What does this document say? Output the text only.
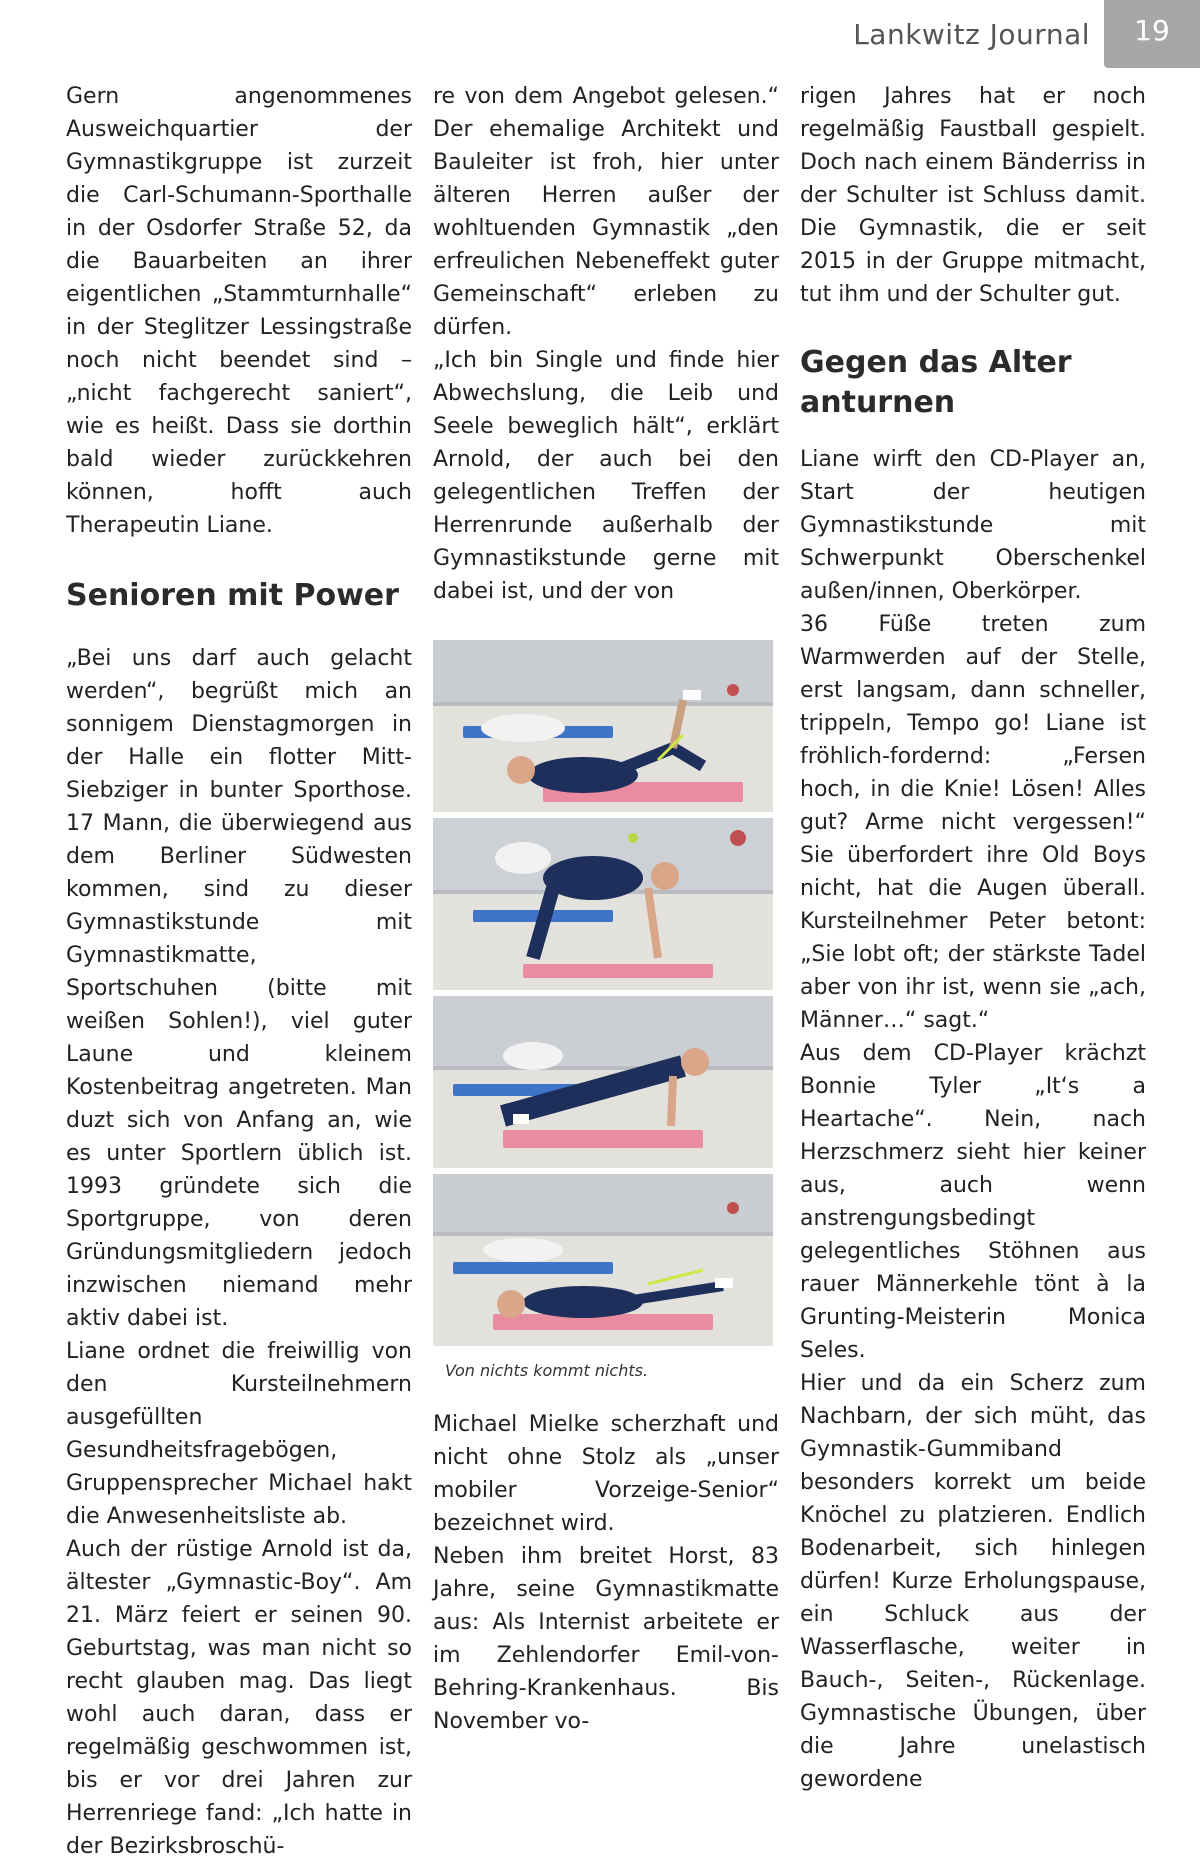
Lankwitz Journal	19

Gern angenommenes Ausweichquartier der Gymnastikgruppe ist zurzeit die Carl-Schumann-Sporthalle in der Osdorfer Straße 52, da die Bauarbeiten an ihrer eigentlichen „Stammturnhalle“ in der Steglitzer Lessingstraße noch nicht beendet sind – „nicht fachgerecht saniert“, wie es heißt. Dass sie dorthin bald wieder zurückkehren können, hofft auch Therapeutin Liane.

Senioren mit Power

„Bei uns darf auch gelacht werden“, begrüßt mich an sonnigem Dienstagmorgen in der Halle ein flotter Mitt-Siebziger in bunter Sporthose. 17 Mann, die überwiegend aus dem Berliner Südwesten kommen, sind zu dieser Gymnastikstunde mit Gymnastikmatte, Sportschuhen (bitte mit weißen Sohlen!), viel guter Laune und kleinem Kostenbeitrag angetreten. Man duzt sich von Anfang an, wie es unter Sportlern üblich ist. 1993 gründete sich die Sportgruppe, von deren Gründungsmitgliedern jedoch inzwischen niemand mehr aktiv dabei ist.

Liane ordnet die freiwillig von den Kursteilnehmern ausgefüllten Gesundheitsfragebögen, Gruppensprecher Michael hakt die Anwesenheitsliste ab.

Auch der rüstige Arnold ist da, ältester „Gymnastic-Boy“. Am 21. März feiert er seinen 90. Geburtstag, was man nicht so recht glauben mag. Das liegt wohl auch daran, dass er regelmäßig geschwommen ist, bis er vor drei Jahren zur Herrenriege fand: „Ich hatte in der Bezirksbroschü-

re von dem Angebot gelesen.“ Der ehemalige Architekt und Bauleiter ist froh, hier unter älteren Herren außer der wohltuenden Gymnastik „den erfreulichen Nebeneffekt guter Gemeinschaft“ erleben zu dürfen.

„Ich bin Single und finde hier Abwechslung, die Leib und Seele beweglich hält“, erklärt Arnold, der auch bei den gelegentlichen Treffen der Herrenrunde außerhalb der Gymnastikstunde gerne mit dabei ist, und der von

Von nichts kommt nichts.

Michael Mielke scherzhaft und nicht ohne Stolz als „unser mobiler Vorzeige-Senior“ bezeichnet wird.

Neben ihm breitet Horst, 83 Jahre, seine Gymnastikmatte aus: Als Internist arbeitete er im Zehlendorfer Emil-von-Behring-Krankenhaus. Bis November vo-

rigen Jahres hat er noch regelmäßig Faustball gespielt. Doch nach einem Bänderriss in der Schulter ist Schluss damit. Die Gymnastik, die er seit 2015 in der Gruppe mitmacht, tut ihm und der Schulter gut.

Gegen das Alter anturnen

Liane wirft den CD-Player an, Start der heutigen Gymnastikstunde mit Schwerpunkt Oberschenkel außen/innen, Oberkörper.

36 Füße treten zum Warmwerden auf der Stelle, erst langsam, dann schneller, trippeln, Tempo go! Liane ist fröhlich-fordernd: „Fersen hoch, in die Knie! Lösen! Alles gut? Arme nicht vergessen!“ Sie überfordert ihre Old Boys nicht, hat die Augen überall. Kursteilnehmer Peter betont: „Sie lobt oft; der stärkste Tadel aber von ihr ist, wenn sie „ach, Männer…“ sagt.“

Aus dem CD-Player krächzt Bonnie Tyler „It‘s a Heartache“. Nein, nach Herzschmerz sieht hier keiner aus, auch wenn anstrengungsbedingt gelegentliches Stöhnen aus rauer Männerkehle tönt à la Grunting-Meisterin Monica Seles.

Hier und da ein Scherz zum Nachbarn, der sich müht, das Gymnastik-Gummiband besonders korrekt um beide Knöchel zu platzieren. Endlich Bodenarbeit, sich hinlegen dürfen! Kurze Erholungspause, ein Schluck aus der Wasserflasche, weiter in Bauch-, Seiten-, Rückenlage. Gymnastische Übungen, über die Jahre unelastisch gewordene
